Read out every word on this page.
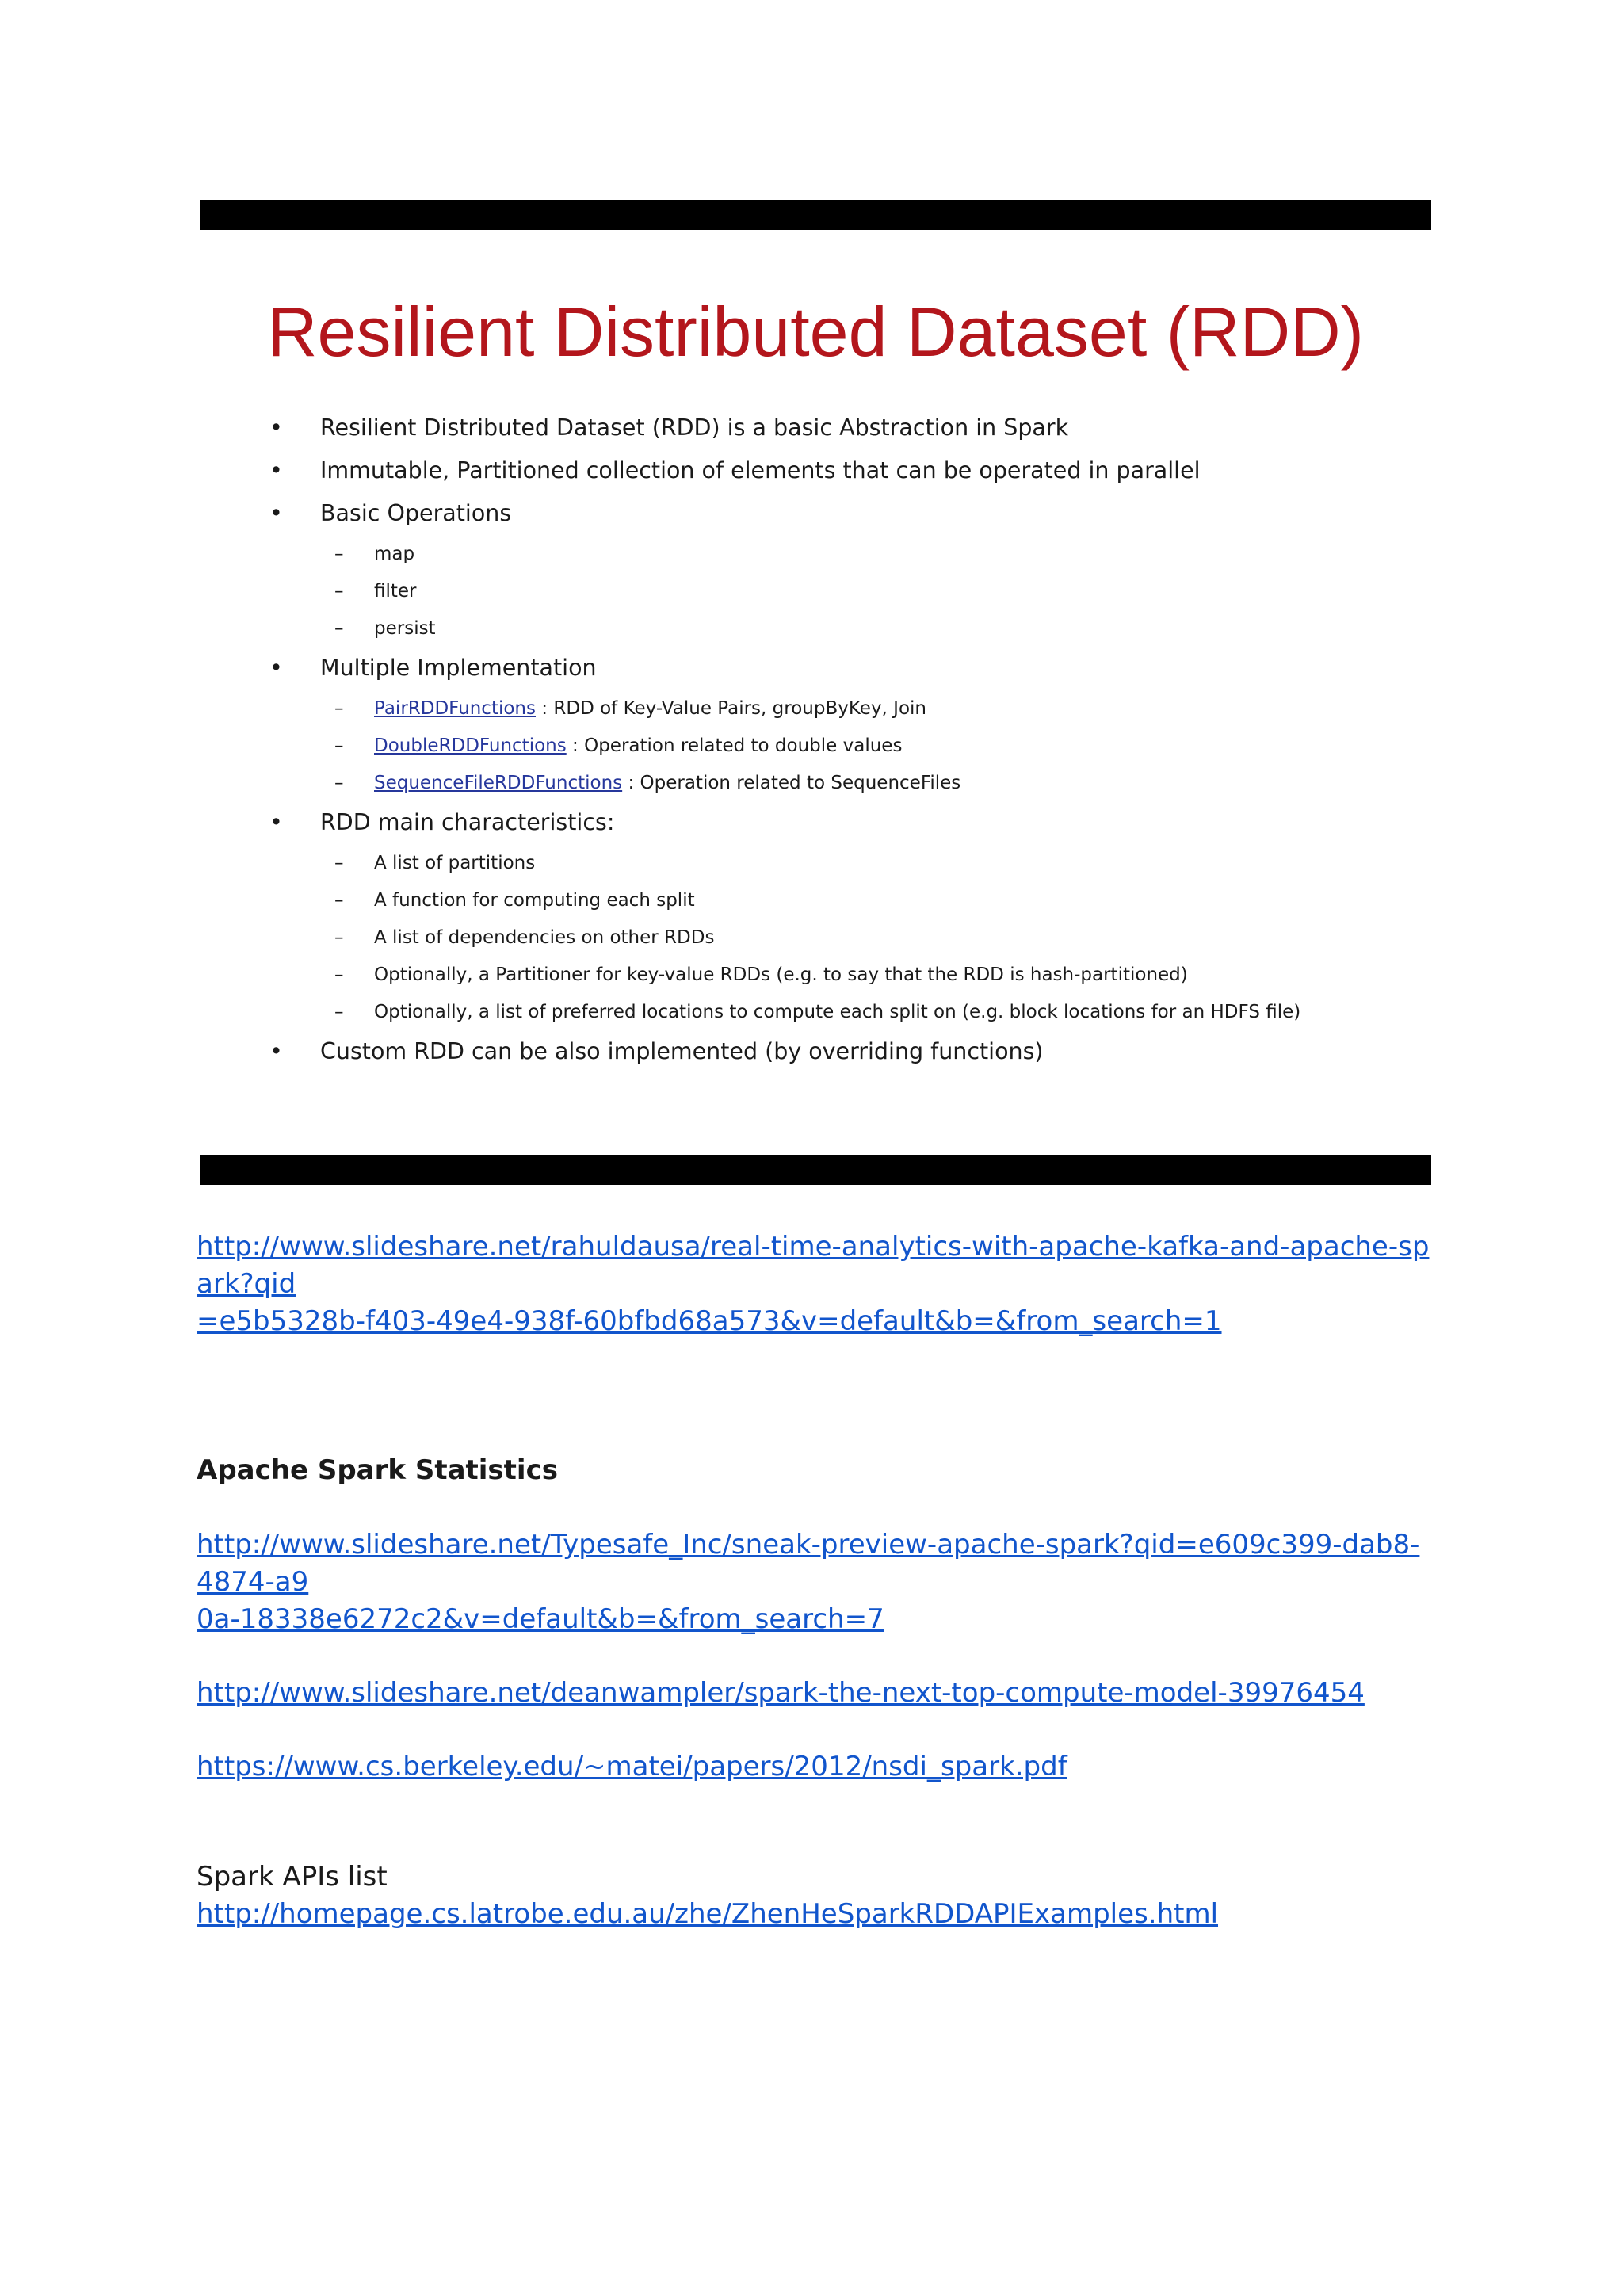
Resilient Distributed Dataset (RDD)
• Resilient Distributed Dataset (RDD) is a basic Abstraction in Spark
• Immutable, Partitioned collection of elements that can be operated in parallel
• Basic Operations
– map
– filter
– persist
• Multiple Implementation
– PairRDDFunctions : RDD of Key-Value Pairs, groupByKey, Join
– DoubleRDDFunctions : Operation related to double values
– SequenceFileRDDFunctions : Operation related to SequenceFiles
• RDD main characteristics:
– A list of partitions
– A function for computing each split
– A list of dependencies on other RDDs
– Optionally, a Partitioner for key-value RDDs (e.g. to say that the RDD is hash-partitioned)
– Optionally, a list of preferred locations to compute each split on (e.g. block locations for an HDFS file)
• Custom RDD can be also implemented (by overriding functions)
http://www.slideshare.net/rahuldausa/real-time-analytics-with-apache-kafka-and-apache-spark?qid
=e5b5328b-f403-49e4-938f-60bfbd68a573&v=default&b=&from_search=1
Apache Spark Statistics
http://www.slideshare.net/Typesafe_Inc/sneak-preview-apache-spark?qid=e609c399-dab8-4874-a9
0a-18338e6272c2&v=default&b=&from_search=7
http://www.slideshare.net/deanwampler/spark-the-next-top-compute-model-39976454
https://www.cs.berkeley.edu/~matei/papers/2012/nsdi_spark.pdf
Spark APIs list
http://homepage.cs.latrobe.edu.au/zhe/ZhenHeSparkRDDAPIExamples.html
